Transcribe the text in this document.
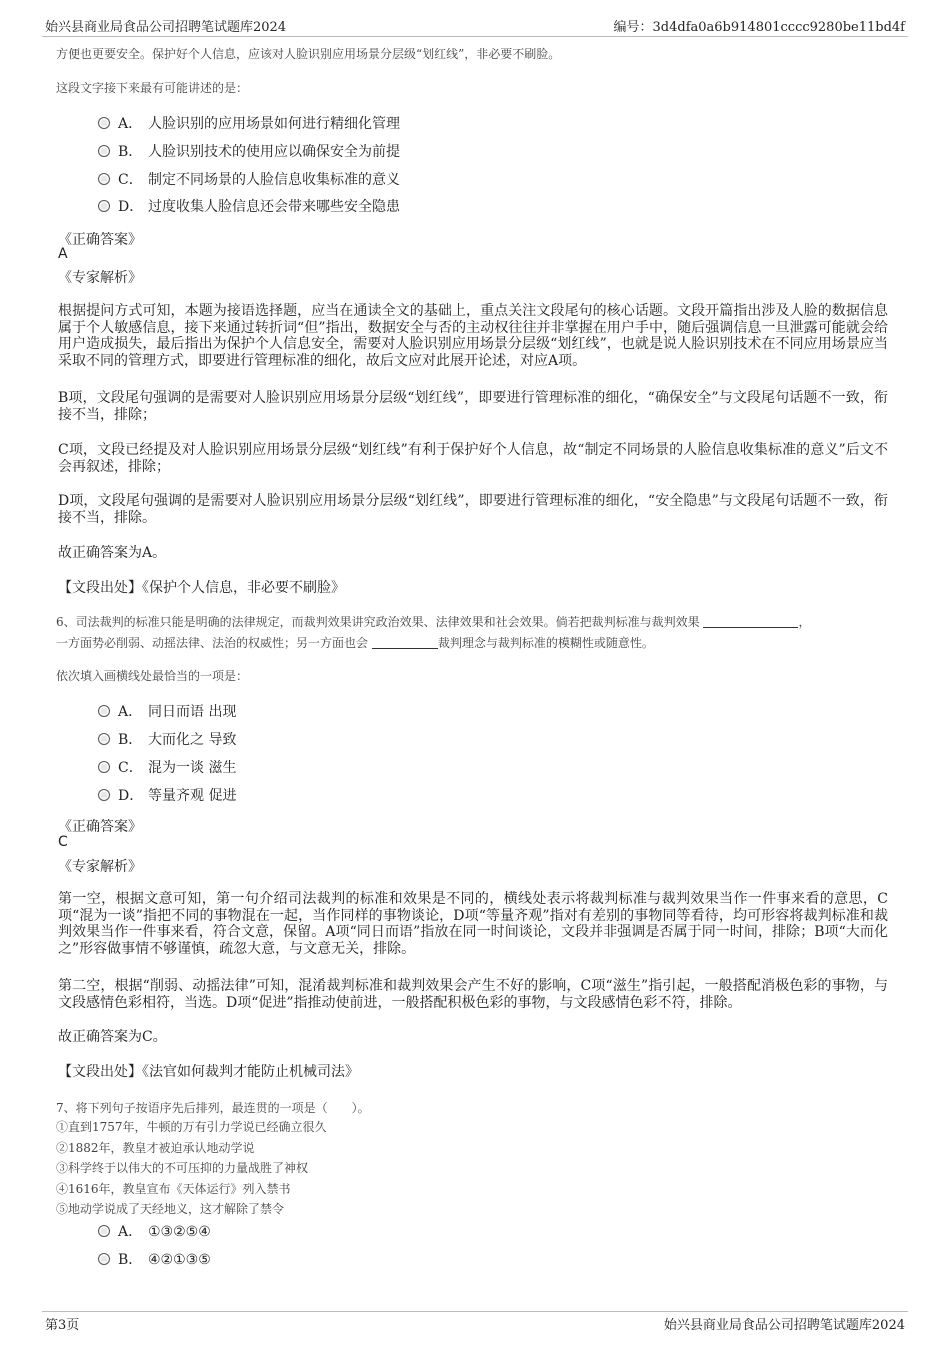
始兴县商业局食品公司招聘笔试题库2024	编号：3d4dfa0a6b914801cccc9280be11bd4f
方便也更要安全。保护好个人信息，应该对人脸识别应用场景分层级“划红线”，非必要不刷脸。
这段文字接下来最有可能讲述的是：
A． 人脸识别的应用场景如何进行精细化管理
B． 人脸识别技术的使用应以确保安全为前提
C． 制定不同场景的人脸信息收集标准的意义
D． 过度收集人脸信息还会带来哪些安全隐患
《正确答案》
A
《专家解析》
根据提问方式可知，本题为接语选择题，应当在通读全文的基础上，重点关注文段尾句的核心话题。文段开篇指出涉及人脸的数据信息属于个人敏感信息，接下来通过转折词“但”指出，数据安全与否的主动权往往并非掌握在用户手中，随后强调信息一旦泄露可能就会给用户造成损失，最后指出为保护个人信息安全，需要对人脸识别应用场景分层级“划红线”，也就是说人脸识别技术在不同应用场景应当采取不同的管理方式，即要进行管理标准的细化，故后文应对此展开论述，对应A项。
B项，文段尾句强调的是需要对人脸识别应用场景分层级“划红线”，即要进行管理标准的细化，“确保安全”与文段尾句话题不一致，衔接不当，排除；
C项，文段已经提及对人脸识别应用场景分层级“划红线”有利于保护好个人信息，故“制定不同场景的人脸信息收集标准的意义”后文不会再叙述，排除；
D项，文段尾句强调的是需要对人脸识别应用场景分层级“划红线”，即要进行管理标准的细化，“安全隐患”与文段尾句话题不一致，衔接不当，排除。
故正确答案为A。
【文段出处】《保护个人信息，非必要不刷脸》
6、司法裁判的标准只能是明确的法律规定，而裁判效果讲究政治效果、法律效果和社会效果。倘若把裁判标准与裁判效果	，
一方面势必削弱、动摇法律、法治的权威性；另一方面也会	裁判理念与裁判标准的模糊性或随意性。
依次填入画横线处最恰当的一项是：
A． 同日而语 出现
B． 大而化之 导致
C． 混为一谈 滋生
D． 等量齐观 促进
《正确答案》
C
《专家解析》
第一空，根据文意可知，第一句介绍司法裁判的标准和效果是不同的，横线处表示将裁判标准与裁判效果当作一件事来看的意思，C项“混为一谈”指把不同的事物混在一起，当作同样的事物谈论，D项“等量齐观”指对有差别的事物同等看待，均可形容将裁判标准和裁判效果当作一件事来看，符合文意，保留。A项“同日而语”指放在同一时间谈论，文段并非强调是否属于同一时间，排除；B项“大而化之”形容做事情不够谨慎，疏忽大意，与文意无关，排除。
第二空，根据“削弱、动摇法律”可知，混淆裁判标准和裁判效果会产生不好的影响，C项“滋生”指引起，一般搭配消极色彩的事物，与文段感情色彩相符，当选。D项“促进”指推动使前进，一般搭配积极色彩的事物，与文段感情色彩不符，排除。
故正确答案为C。
【文段出处】《法官如何裁判才能防止机械司法》
7、将下列句子按语序先后排列，最连贯的一项是（　　）。
①直到1757年，牛顿的万有引力学说已经确立很久
②1882年，教皇才被迫承认地动学说
③科学终于以伟大的不可压抑的力量战胜了神权
④1616年，教皇宣布《天体运行》列入禁书
⑤地动学说成了天经地义，这才解除了禁令
A． ①③②⑤④
B． ④②①③⑤
第3页	始兴县商业局食品公司招聘笔试题库2024
